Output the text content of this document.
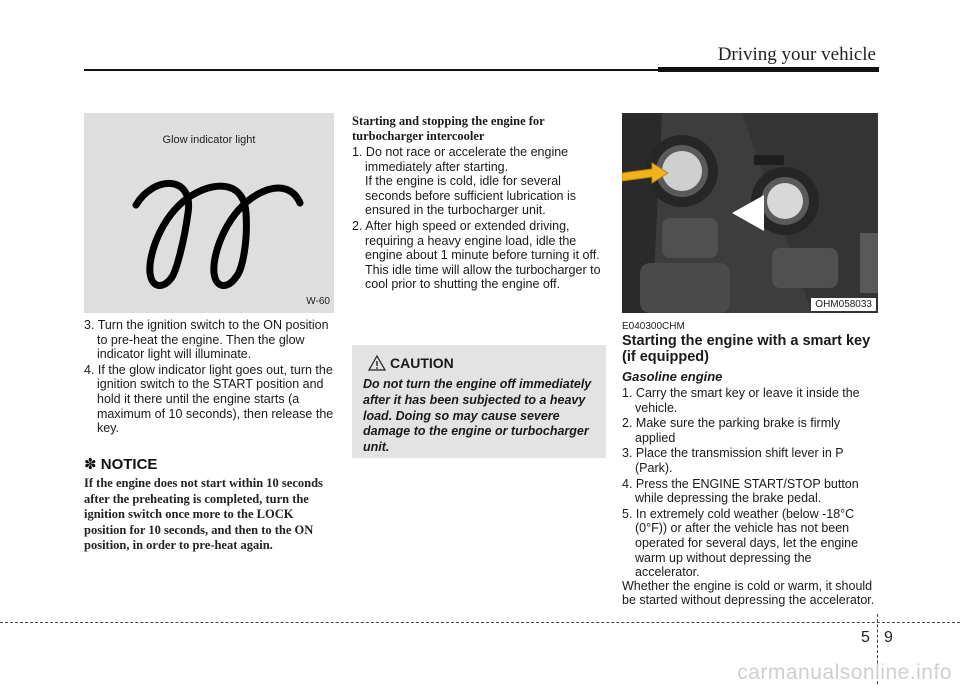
Driving your vehicle
Glow indicator light
W-60
3. Turn the ignition switch to the ON position to pre-heat the engine. Then the glow indicator light will illuminate.
4. If the glow indicator light goes out, turn the ignition switch to the START position and hold it there until the engine starts (a maximum of 10 seconds), then release the key.
✽ NOTICE
If the engine does not start within 10 seconds after the preheating is completed, turn the ignition switch once more to the LOCK position for 10 seconds, and then to the ON position, in order to pre-heat again.
Starting and stopping the engine for turbocharger intercooler
1. Do not race or accelerate the engine immediately after starting.
If the engine is cold, idle for several seconds before sufficient lubrication is ensured in the turbocharger unit.
2. After high speed or extended driving, requiring a heavy engine load, idle the engine about 1 minute before turning it off.
This idle time will allow the turbocharger to cool prior to shutting the engine off.
CAUTION
Do not turn the engine off immediately after it has been subjected to a heavy load. Doing so may cause severe damage to the engine or turbocharger unit.
OHM058033
E040300CHM
Starting the engine with a smart key (if equipped)
Gasoline engine
1. Carry the smart key or leave it inside the vehicle.
2. Make sure the parking brake is firmly applied
3. Place the transmission shift lever in P (Park).
4. Press the ENGINE START/STOP button while depressing the brake pedal.
5. In extremely cold weather (below -18°C (0°F)) or after the vehicle has not been operated for several days, let the engine warm up without depressing the accelerator.
Whether the engine is cold or warm, it should be started without depressing the accelerator.
5 9
carmanualsonline.info
